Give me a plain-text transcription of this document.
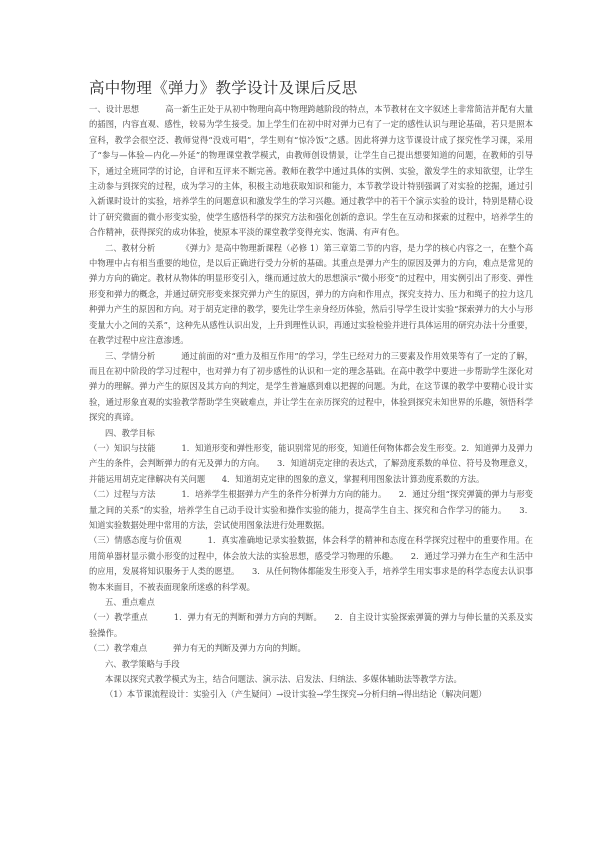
高中物理《弹力》教学设计及课后反思

一、设计思想	高一新生正处于从初中物理向高中物理跨越阶段的特点，本节教材在文字叙述上非常简洁并配有大量的插图，内容直观、感性，较易为学生接受。加上学生们在初中时对弹力已有了一定的感性认识与理论基础，若只是照本宣科，教学会很空泛、教师觉得“没戏可唱”，学生则有“惊冷饭”之感。因此将弹力这节课设计成了探究性学习课，采用了“参与—体验—内化—外延”的物理课堂教学模式，由教师创设情景，让学生自己提出想要知道的问题，在教师的引导下，通过全班同学的讨论，自评和互评来不断完善。教师在教学中通过具体的实例、实验，激发学生的求知欲望，让学生主动参与到探究的过程，成为学习的主体，积极主动地获取知识和能力，本节教学设计特别强调了对实验的挖掘，通过引入新课时设计的实验，培养学生的问题意识和激发学生的学习兴趣。通过教学中的若干个演示实验的设计，特别是精心设计了研究微面的微小形变实验，使学生感悟科学的探究方法和强化创新的意识。学生在互动和探索的过程中，培养学生的合作精神，获得探究的成功体验，使原本平淡的课堂教学变得充实、饱满、有声有色。

二、教材分析	《弹力》是高中物理新课程（必修 1）第三章第二节的内容，是力学的核心内容之一，在整个高中物理中占有相当重要的地位，是以后正确进行受力分析的基础。其重点是弹力产生的原因及弹力的方向，难点是常见的弹力方向的确定。教材从物体的明显形变引入，继而通过放大的思想演示“微小形变”的过程中，用实例引出了形变、弹性形变和弹力的概念，并通过研究形变来探究弹力产生的原因，弹力的方向和作用点，探究支持力、压力和绳子的拉力这几种弹力产生的原因和方向。对于胡克定律的教学，要先让学生亲身经历体验，然后引导学生设计实验“探索弹力的大小与形变量大小之间的关系”，这种先从感性认识出发，上升到理性认识，再通过实验检验并进行具体运用的研究办法十分重要，在教学过程中应注意渗透。

三、学情分析	通过前面的对“重力及相互作用”的学习，学生已经对力的三要素及作用效果等有了一定的了解，而且在初中阶段的学习过程中，也对弹力有了初步感性的认识和一定的理念基础。在高中教学中要进一步帮助学生深化对弹力的理解。弹力产生的原因及其方向的判定，是学生普遍感到难以把握的问题。为此，在这节课的教学中要精心设计实验，通过形象直观的实验教学帮助学生突破难点，并让学生在亲历探究的过程中，体验到探究未知世界的乐趣，领悟科学探究的真谛。

四、教学目标

（一）知识与技能	1．知道形变和弹性形变，能识别常见的形变，知道任何物体都会发生形变。2．知道弹力及弹力产生的条件，会判断弹力的有无及弹力的方向。　　3．知道胡克定律的表达式，了解劲度系数的单位、符号及物理意义，并能运用胡克定律解决有关问题　　4．知道胡克定律的图象的意义，掌握利用图象法计算劲度系数的方法。

（二）过程与方法	1．培养学生根据弹力产生的条件分析弹力方向的能力。　　2．通过分组“探究弹簧的弹力与形变量之间的关系”的实验，培养学生自己动手设计实验和操作实验的能力，提高学生自主、探究和合作学习的能力。　　3．知道实验数据处理中常用的方法，尝试使用图象法进行处理数据。

（三）情感态度与价值观	1．真实准确地记录实验数据，体会科学的精神和态度在科学探究过程中的重要作用。在用简单器材显示微小形变的过程中，体会放大法的实验思想，感受学习物理的乐趣。　　2．通过学习弹力在生产和生活中的应用，发展将知识服务于人类的愿望。　　3．从任何物体都能发生形变入手，培养学生用实事求是的科学态度去认识事物本来面目，不被表面现象所迷惑的科学观。

五、重点难点

（一）教学重点	1．弹力有无的判断和弹力方向的判断。　　2．自主设计实验探索弹簧的弹力与伸长量的关系及实验操作。

（二）教学难点	弹力有无的判断及弹力方向的判断。

六、教学策略与手段

本课以探究式教学模式为主，结合问题法、演示法、启发法、归纳法、多媒体辅助法等教学方法。

（1）本节课流程设计：实验引入（产生疑问）→设计实验→学生探究→分析归纳→得出结论（解决问题）
